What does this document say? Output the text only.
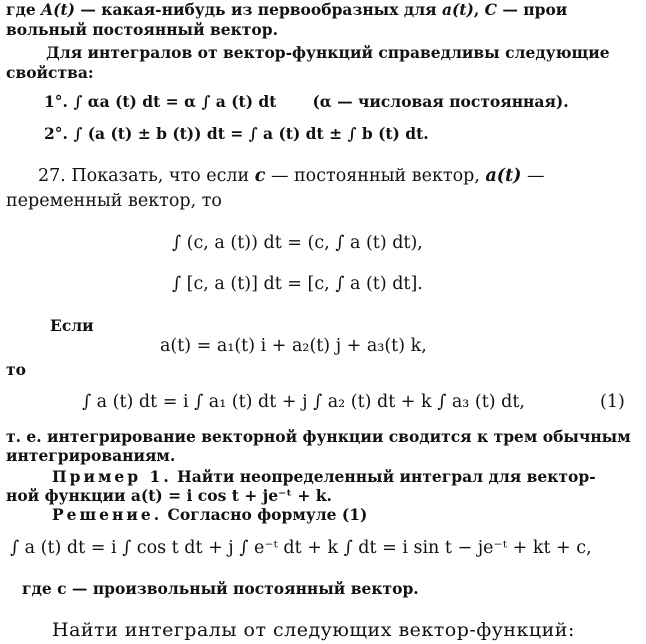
где A(t) — какая-нибудь из первообразных для a(t), C — прои
вольный постоянный вектор.
Для интегралов от вектор-функций справедливы следующие
свойства:
1°. ∫ αa (t) dt = α ∫ a (t) dt (α — числовая постоянная).
2°. ∫ (a (t) ± b (t)) dt = ∫ a (t) dt ± ∫ b (t) dt.
27. Показать, что если c — постоянный вектор, a(t) —
переменный вектор, то
∫ (c, a (t)) dt = (c, ∫ a (t) dt),
∫ [c, a (t)] dt = [c, ∫ a (t) dt].
Если
a(t) = a₁(t) i + a₂(t) j + a₃(t) k,
то
∫ a (t) dt = i ∫ a₁ (t) dt + j ∫ a₂ (t) dt + k ∫ a₃ (t) dt,	(1)
т. е. интегрирование векторной функции сводится к трем обычным
интегрированиям.
Пример 1. Найти неопределенный интеграл для вектор-
ной функции a(t) = i cos t + je⁻ᵗ + k.
Решение. Согласно формуле (1)
∫ a (t) dt = i ∫ cos t dt + j ∫ e⁻ᵗ dt + k ∫ dt = i sin t − je⁻ᵗ + kt + c,
где c — произвольный постоянный вектор.
Найти интегралы от следующих вектор-функций:
